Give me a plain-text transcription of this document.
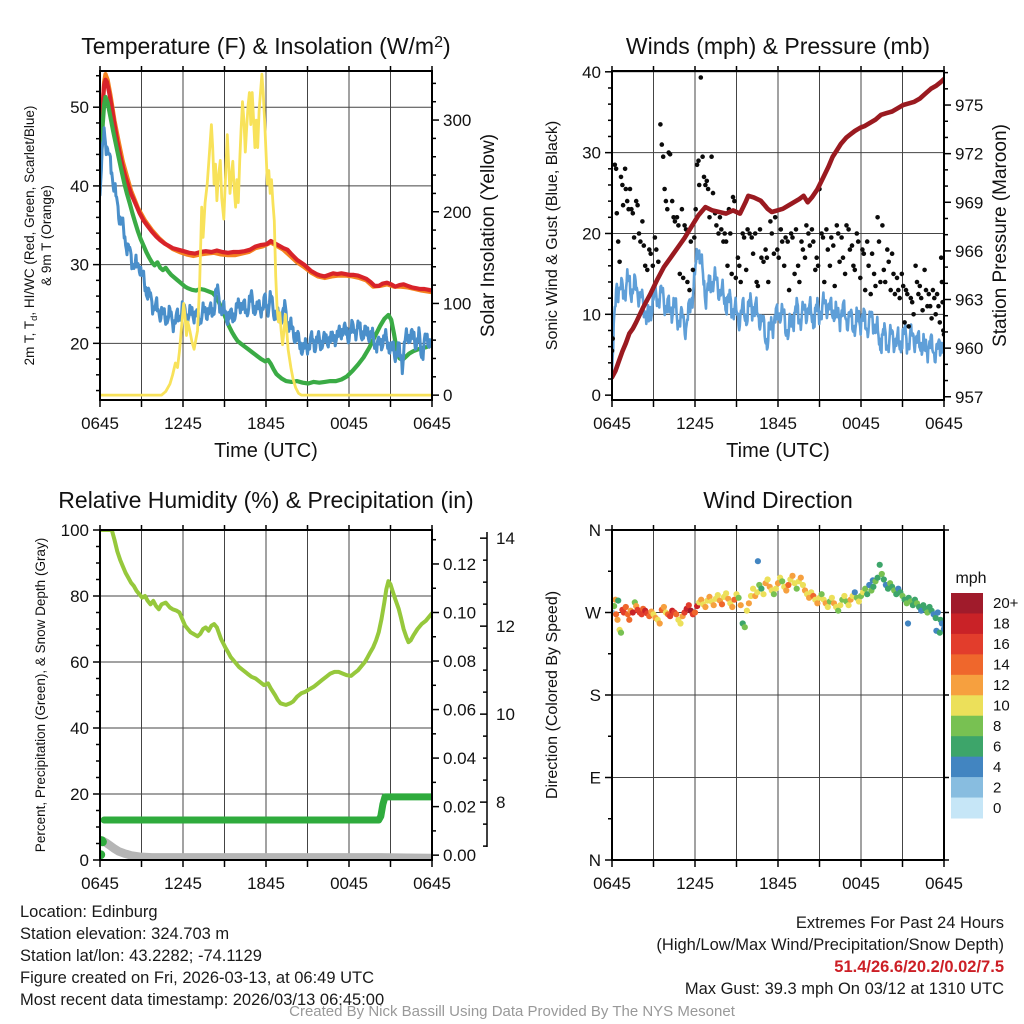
0645	1245	1845	0045	0645
20
30
40
50
0
100
200
300
Temperature (F) & Insolation $(W/m^2)$
Time (UTC)
2m T, $T_d$, HI/WC (Red, Green, Scarlet/Blue) & 9m T (Orange)	Solar Insolation (Yellow)
0645	1245	1845	0045	0645
0
10
20
30
40
957
960
963
966
969
972
975
Winds (mph) & Pressure (mb)
Time (UTC)
Sonic Wind & Gust (Blue, Black)	Station Pressure (Maroon)
0645	1245	1845	0045	0645
0
20
40
60
80
100
0.00
0.02
0.04
0.06
0.08
0.10
0.12
8
10
12
14
Relative Humidity (%) & Precipitation (in)
Percent, Precipitation (Green), & Snow Depth (Gray)
0645	1245	1845	0045	0645
N
W
S
E
N
Wind Direction
Direction (Colored By Speed)
mph
20+
18
16
14
12
10
8
6
4
2
0
Location: Edinburg
Station elevation: 324.703 m
Station lat/lon: 43.2282; -74.1129
Figure created on Fri, 2026-03-13, at 06:49 UTC
Most recent data timestamp: 2026/03/13 06:45:00
Extremes For Past 24 Hours
(High/Low/Max Wind/Precipitation/Snow Depth)
51.4/26.6/20.2/0.02/7.5
Max Gust: 39.3 mph On 03/12 at 1310 UTC
Created By Nick Bassill Using Data Provided By The NYS Mesonet
